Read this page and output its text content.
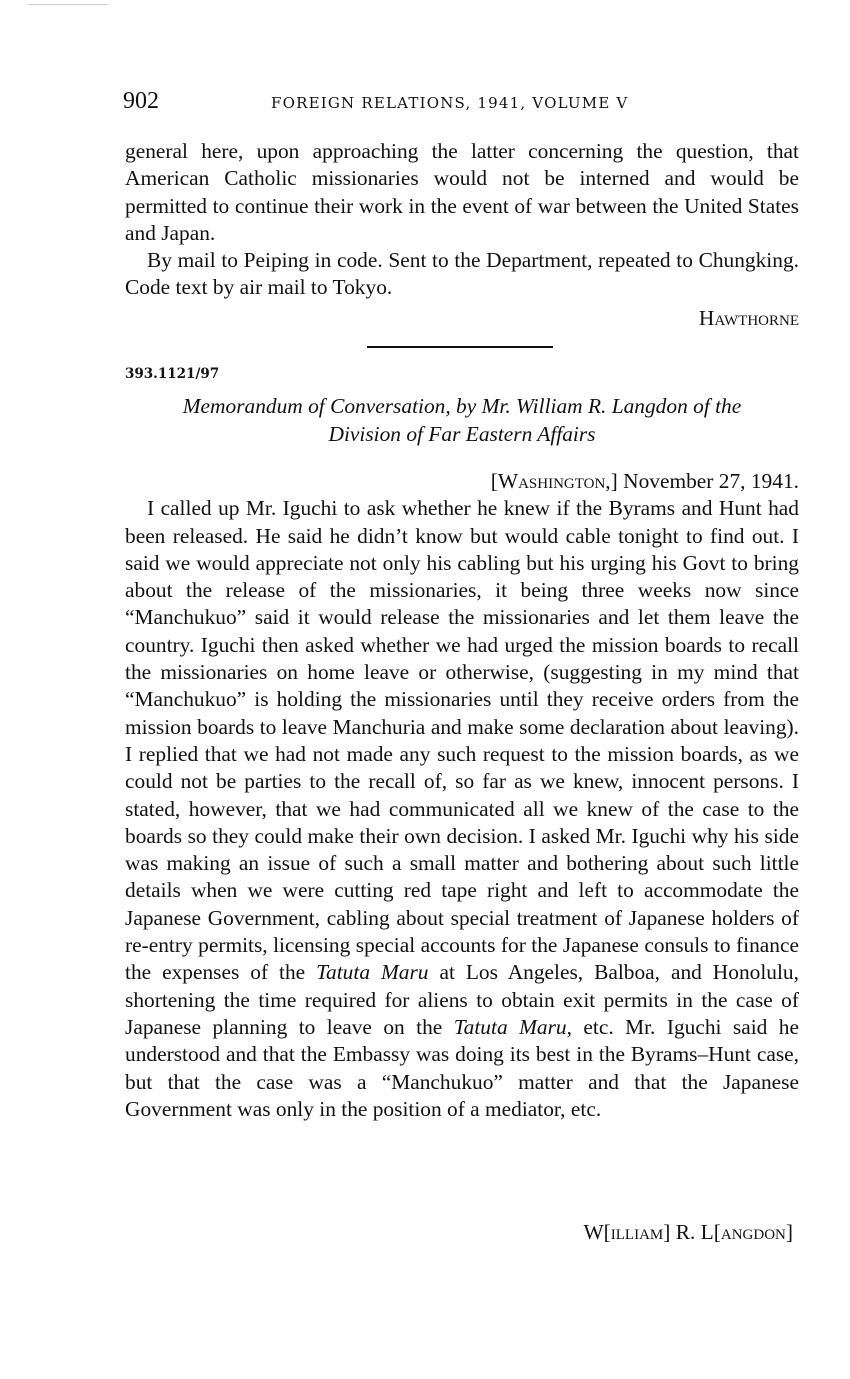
902	FOREIGN RELATIONS, 1941, VOLUME V

general here, upon approaching the latter concerning the question, that American Catholic missionaries would not be interned and would be permitted to continue their work in the event of war between the United States and Japan.

By mail to Peiping in code. Sent to the Department, repeated to Chungking. Code text by air mail to Tokyo.

Hawthorne

393.1121/97
Memorandum of Conversation, by Mr. William R. Langdon of the
Division of Far Eastern Affairs

[Washington,] November 27, 1941.

I called up Mr. Iguchi to ask whether he knew if the Byrams and Hunt had been released. He said he didn’t know but would cable tonight to find out. I said we would appreciate not only his cabling but his urging his Govt to bring about the release of the missionaries, it being three weeks now since “Manchukuo” said it would release the missionaries and let them leave the country. Iguchi then asked whether we had urged the mission boards to recall the missionaries on home leave or otherwise, (suggesting in my mind that “Manchukuo” is holding the missionaries until they receive orders from the mission boards to leave Manchuria and make some declaration about leaving). I replied that we had not made any such request to the mission boards, as we could not be parties to the recall of, so far as we knew, innocent persons. I stated, however, that we had communicated all we knew of the case to the boards so they could make their own decision. I asked Mr. Iguchi why his side was making an issue of such a small matter and bothering about such little details when we were cutting red tape right and left to accommodate the Japanese Government, cabling about special treatment of Japanese holders of re-entry permits, licensing special accounts for the Japanese consuls to finance the expenses of the Tatuta Maru at Los Angeles, Balboa, and Honolulu, shortening the time required for aliens to obtain exit permits in the case of Japanese planning to leave on the Tatuta Maru, etc. Mr. Iguchi said he understood and that the Embassy was doing its best in the Byrams–Hunt case, but that the case was a “Manchukuo” matter and that the Japanese Government was only in the position of a mediator, etc.

W[illiam] R. L[angdon]
